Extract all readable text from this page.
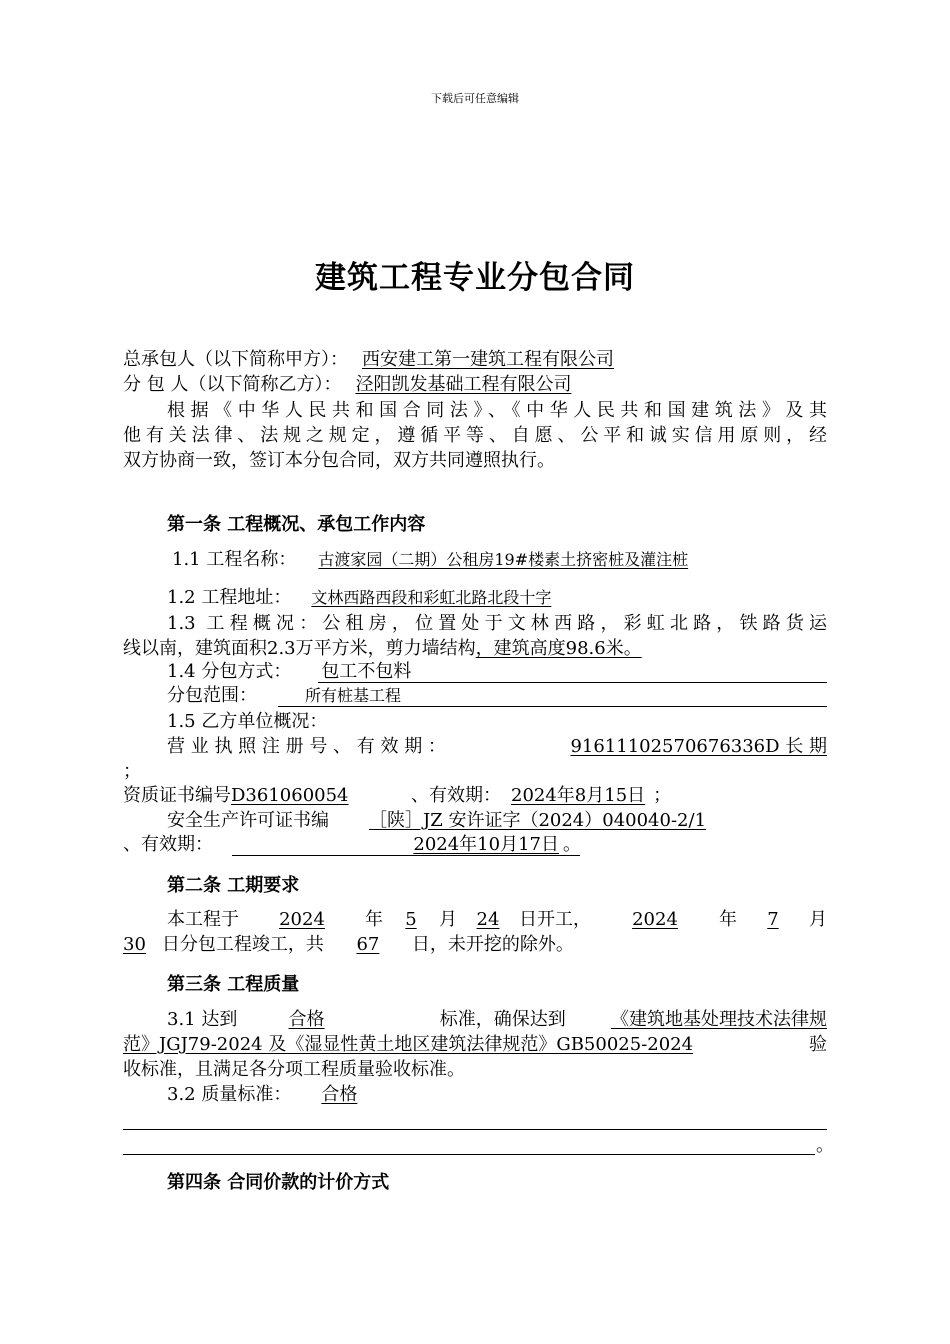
下载后可任意编辑
建筑工程专业分包合同
总承包人（以下简称甲方）： 西安建工第一建筑工程有限公司
分 包 人（以下简称乙方）： 泾阳凯发基础工程有限公司
根据《中华人民共和国合同法》、《中华人民共和国建筑法》及其
他有关法律、法规之规定，遵循平等、自愿、公平和诚实信用原则，经
双方协商一致，签订本分包合同，双方共同遵照执行。
第一条 工程概况、承包工作内容
1.1 工程名称： 古渡家园（二期）公租房19#楼素土挤密桩及灌注桩
1.2 工程地址： 文林西路西段和彩虹北路北段十字
1.3 工程概况：公租房，位置处于文林西路，彩虹北路，铁路货运
线以南，建筑面积2.3万平方米，剪力墙结构，建筑高度98.6米。
1.4 分包方式： 包工不包料
分包范围：	所有桩基工程
1.5 乙方单位概况：
营 业 执 照 注 册 号 、 有 效 期 ：	91611102570676336D 长 期
；
资质证书编号D361060054	、有效期： 2024年8月15日 ；
安全生产许可证书编 ［陕］JZ 安许证字（2024）040040-2/1
、有效期：	2024年10月17日 。
第二条 工期要求
本工程于	2024	年	5	月	24	日开工，	2024	年	7	月
30 日分包工程竣工，共 67 日，未开挖的除外。
第三条 工程质量
3.1 达到	合格	标准，确保达到	《建筑地基处理技术法律规
范》JGJ79-2024 及《湿显性黄土地区建筑法律规范》GB50025-2024	验
收标准，且满足各分项工程质量验收标准。
3.2 质量标准： 合格
。
第四条 合同价款的计价方式
